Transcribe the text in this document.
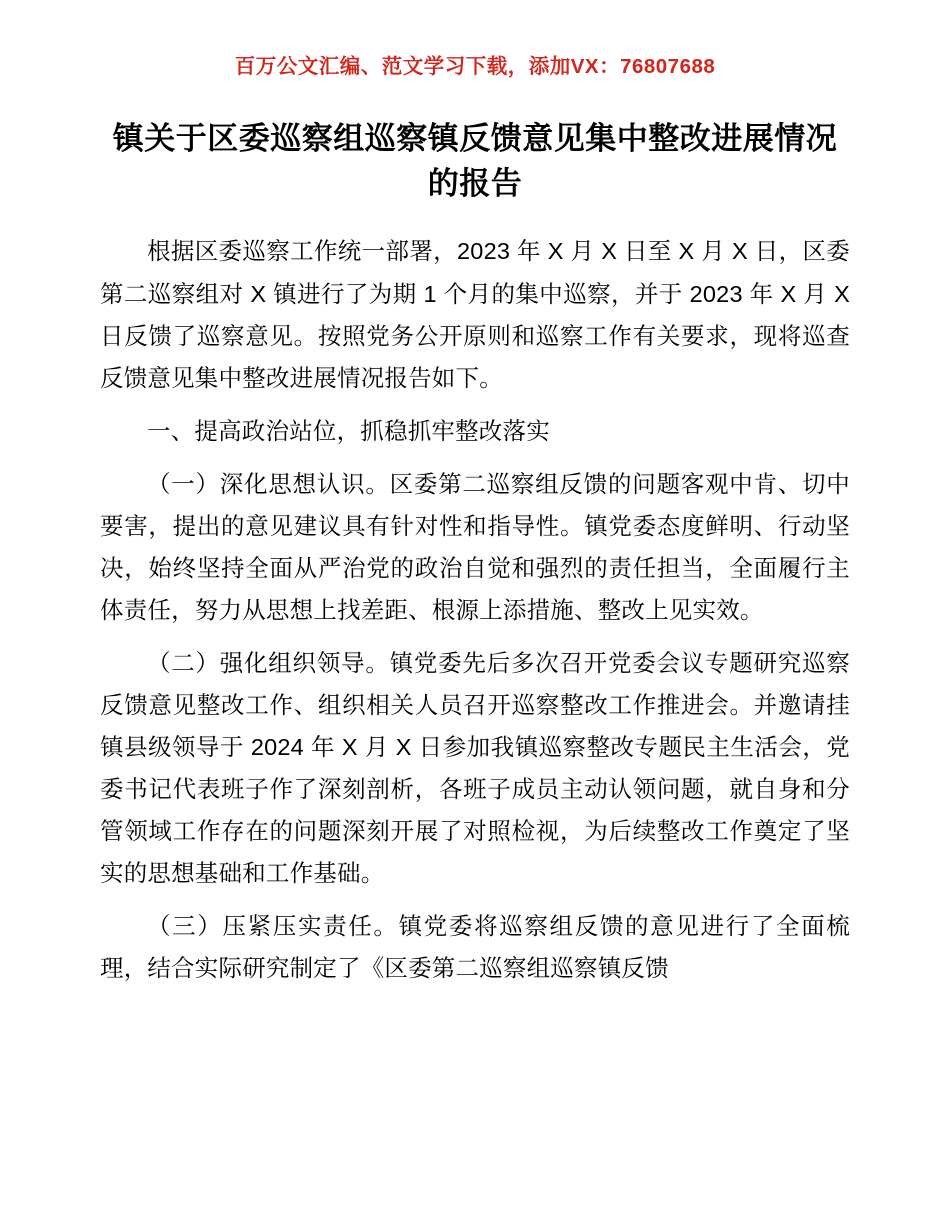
百万公文汇编、范文学习下载，添加VX：76807688
镇关于区委巡察组巡察镇反馈意见集中整改进展情况的报告

根据区委巡察工作统一部署，2023 年 X 月 X 日至 X 月 X 日，区委第二巡察组对 X 镇进行了为期 1 个月的集中巡察，并于 2023 年 X 月 X 日反馈了巡察意见。按照党务公开原则和巡察工作有关要求，现将巡查反馈意见集中整改进展情况报告如下。

一、提高政治站位，抓稳抓牢整改落实

（一）深化思想认识。区委第二巡察组反馈的问题客观中肯、切中要害，提出的意见建议具有针对性和指导性。镇党委态度鲜明、行动坚决，始终坚持全面从严治党的政治自觉和强烈的责任担当，全面履行主体责任，努力从思想上找差距、根源上添措施、整改上见实效。

（二）强化组织领导。镇党委先后多次召开党委会议专题研究巡察反馈意见整改工作、组织相关人员召开巡察整改工作推进会。并邀请挂镇县级领导于 2024 年 X 月 X 日参加我镇巡察整改专题民主生活会，党委书记代表班子作了深刻剖析，各班子成员主动认领问题，就自身和分管领域工作存在的问题深刻开展了对照检视，为后续整改工作奠定了坚实的思想基础和工作基础。

（三）压紧压实责任。镇党委将巡察组反馈的意见进行了全面梳理，结合实际研究制定了《区委第二巡察组巡察镇反馈
